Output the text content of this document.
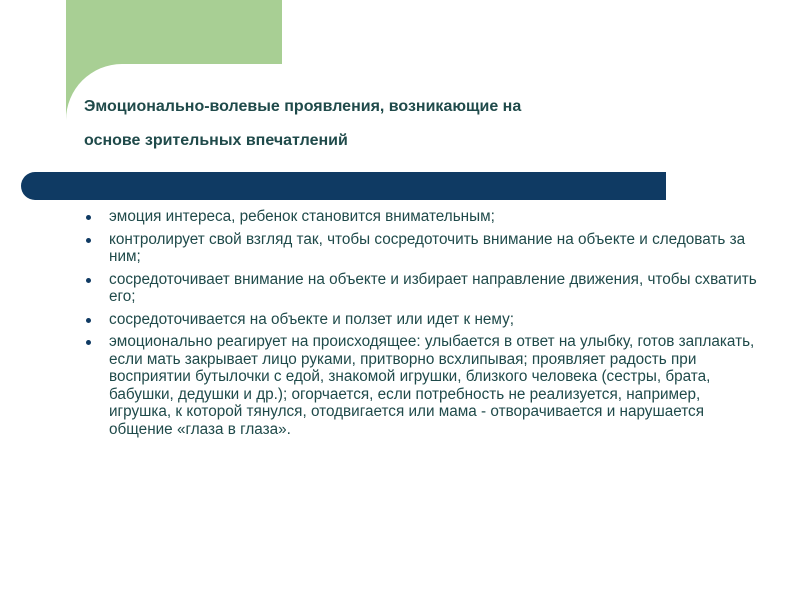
Эмоционально-волевые проявления, возникающие на
основе зрительных впечатлений
эмоция интереса, ребенок становится внимательным;
контролирует свой взгляд так, чтобы сосредоточить внимание на объекте и следовать за ним;
сосредоточивает внимание на объекте и избирает направление движения, чтобы схватить его;
сосредоточивается на объекте и ползет или идет к нему;
эмоционально реагирует на происходящее: улыбается в ответ на улыбку, готов заплакать, если мать закрывает лицо руками, притворно всхлипывая; проявляет радость при восприятии бутылочки с едой, знакомой игрушки, близкого человека (сестры, брата, бабушки, дедушки и др.); огорчается, если потребность не реализуется, например, игрушка, к которой тянулся, отодвигается или мама - отворачивается и нарушается общение «глаза в глаза».
